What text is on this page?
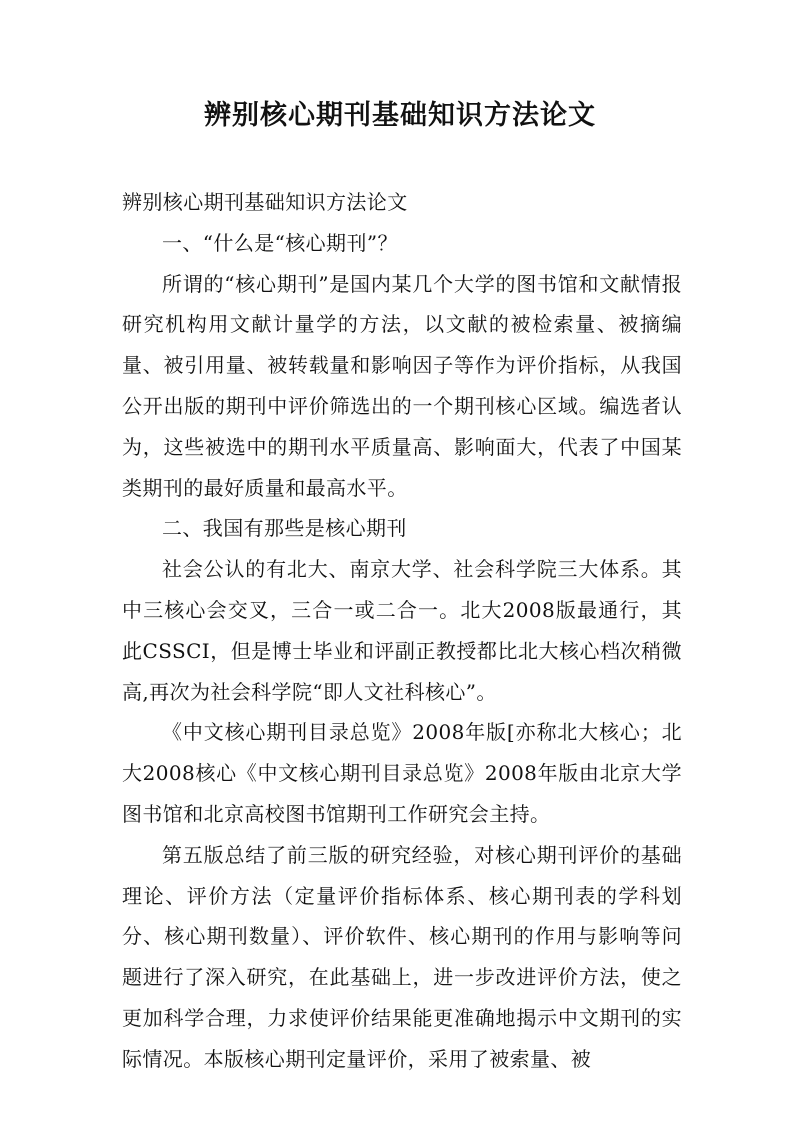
辨别核心期刊基础知识方法论文

辨别核心期刊基础知识方法论文

一、“什么是“核心期刊”？

所谓的“核心期刊”是国内某几个大学的图书馆和文献情报研究机构用文献计量学的方法，以文献的被检索量、被摘编量、被引用量、被转载量和影响因子等作为评价指标，从我国公开出版的期刊中评价筛选出的一个期刊核心区域。编选者认为，这些被选中的期刊水平质量高、影响面大，代表了中国某类期刊的最好质量和最高水平。

二、我国有那些是核心期刊

社会公认的有北大、南京大学、社会科学院三大体系。其中三核心会交叉，三合一或二合一。北大2008版最通行，其此CSSCI，但是博士毕业和评副正教授都比北大核心档次稍微高,再次为社会科学院“即人文社科核心”。

《中文核心期刊目录总览》2008年版[亦称北大核心；北大2008核心《中文核心期刊目录总览》2008年版由北京大学图书馆和北京高校图书馆期刊工作研究会主持。

第五版总结了前三版的研究经验，对核心期刊评价的基础理论、评价方法（定量评价指标体系、核心期刊表的学科划分、核心期刊数量）、评价软件、核心期刊的作用与影响等问题进行了深入研究，在此基础上，进一步改进评价方法，使之更加科学合理，力求使评价结果能更准确地揭示中文期刊的实际情况。本版核心期刊定量评价，采用了被索量、被
